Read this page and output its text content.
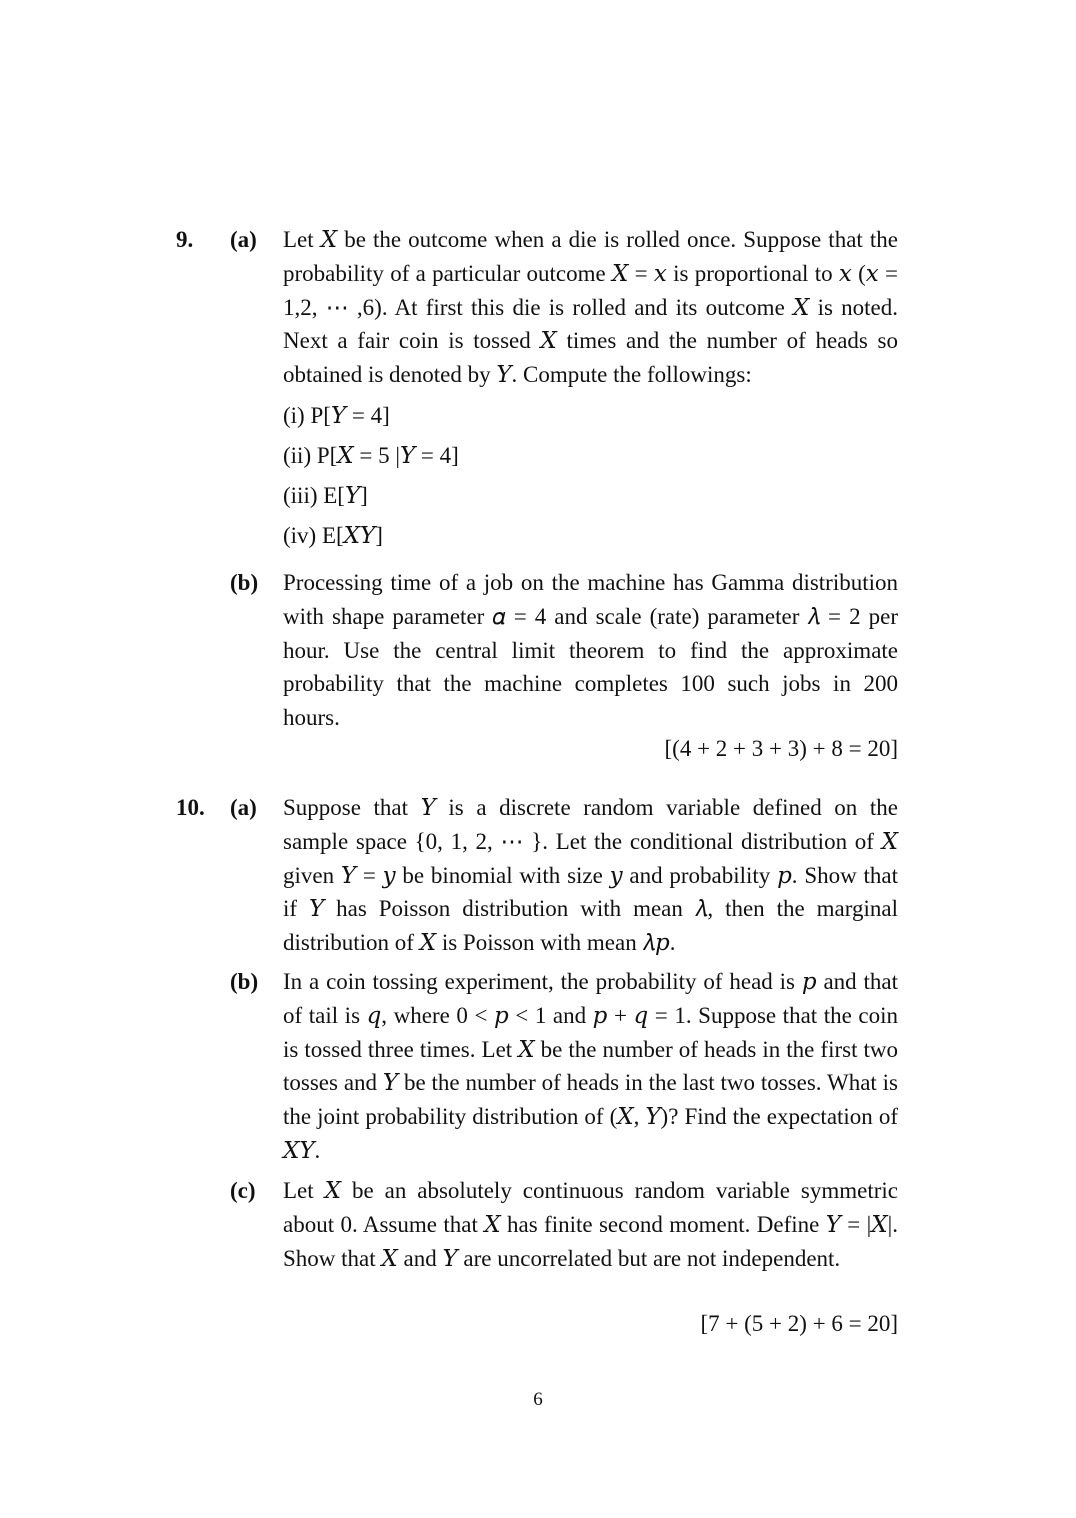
9. (a) Let 𝑋 be the outcome when a die is rolled once. Suppose that the probability of a particular outcome 𝑋 = 𝑥 is proportional to 𝑥 (𝑥 = 1,2, ⋯ ,6). At first this die is rolled and its outcome 𝑋 is noted. Next a fair coin is tossed 𝑋 times and the number of heads so obtained is denoted by 𝑌. Compute the followings:
(i) P[𝑌 = 4]
(ii) P[𝑋 = 5 |𝑌 = 4]
(iii) E[𝑌]
(iv) E[𝑋𝑌]
(b) Processing time of a job on the machine has Gamma distribution with shape parameter 𝛼 = 4 and scale (rate) parameter 𝜆 = 2 per hour. Use the central limit theorem to find the approximate probability that the machine completes 100 such jobs in 200 hours.
[(4 + 2 + 3 + 3) + 8 = 20]
10. (a) Suppose that 𝑌 is a discrete random variable defined on the sample space {0, 1, 2, ⋯ }. Let the conditional distribution of 𝑋 given 𝑌 = 𝑦 be binomial with size 𝑦 and probability 𝑝. Show that if 𝑌 has Poisson distribution with mean 𝜆, then the marginal distribution of 𝑋 is Poisson with mean 𝜆𝑝.
(b) In a coin tossing experiment, the probability of head is 𝑝 and that of tail is 𝑞, where 0 < 𝑝 < 1 and 𝑝 + 𝑞 = 1. Suppose that the coin is tossed three times. Let 𝑋 be the number of heads in the first two tosses and 𝑌 be the number of heads in the last two tosses. What is the joint probability distribution of (𝑋, 𝑌)? Find the expectation of 𝑋𝑌.
(c) Let 𝑋 be an absolutely continuous random variable symmetric about 0. Assume that 𝑋 has finite second moment. Define 𝑌 = |𝑋|. Show that 𝑋 and 𝑌 are uncorrelated but are not independent.
[7 + (5 + 2) + 6 = 20]
6
